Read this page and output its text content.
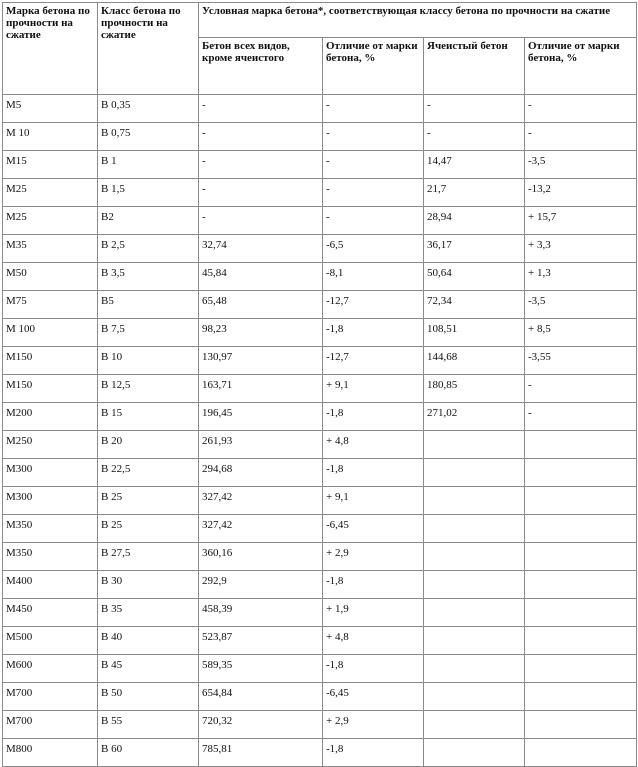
Марка бетона по прочности на сжатие	Класс бетона по прочности на сжатие	Условная марка бетона*, соответствующая классу бетона по прочности на сжатие			
		Бетон всех видов, кроме ячеистого	Отличие от марки бетона, %	Ячеистый бетон	Отличие от марки бетона, %
М5	В 0,35	-	-	-	-
М 10	В 0,75	-	-	-	-
М15	В 1	-	-	14,47	-3,5
М25	В 1,5	-	-	21,7	-13,2
М25	В2	-	-	28,94	+ 15,7
М35	В 2,5	32,74	-6,5	36,17	+ 3,3
М50	В 3,5	45,84	-8,1	50,64	+ 1,3
М75	В5	65,48	-12,7	72,34	-3,5
М 100	В 7,5	98,23	-1,8	108,51	+ 8,5
М150	В 10	130,97	-12,7	144,68	-3,55
М150	В 12,5	163,71	+ 9,1	180,85	-
М200	В 15	196,45	-1,8	271,02	-
М250	В 20	261,93	+ 4,8		
М300	В 22,5	294,68	-1,8		
М300	В 25	327,42	+ 9,1		
М350	В 25	327,42	-6,45		
М350	В 27,5	360,16	+ 2,9		
М400	В 30	292,9	-1,8		
М450	В 35	458,39	+ 1,9		
М500	В 40	523,87	+ 4,8		
М600	В 45	589,35	-1,8		
М700	В 50	654,84	-6,45		
М700	В 55	720,32	+ 2,9		
М800	В 60	785,81	-1,8		
